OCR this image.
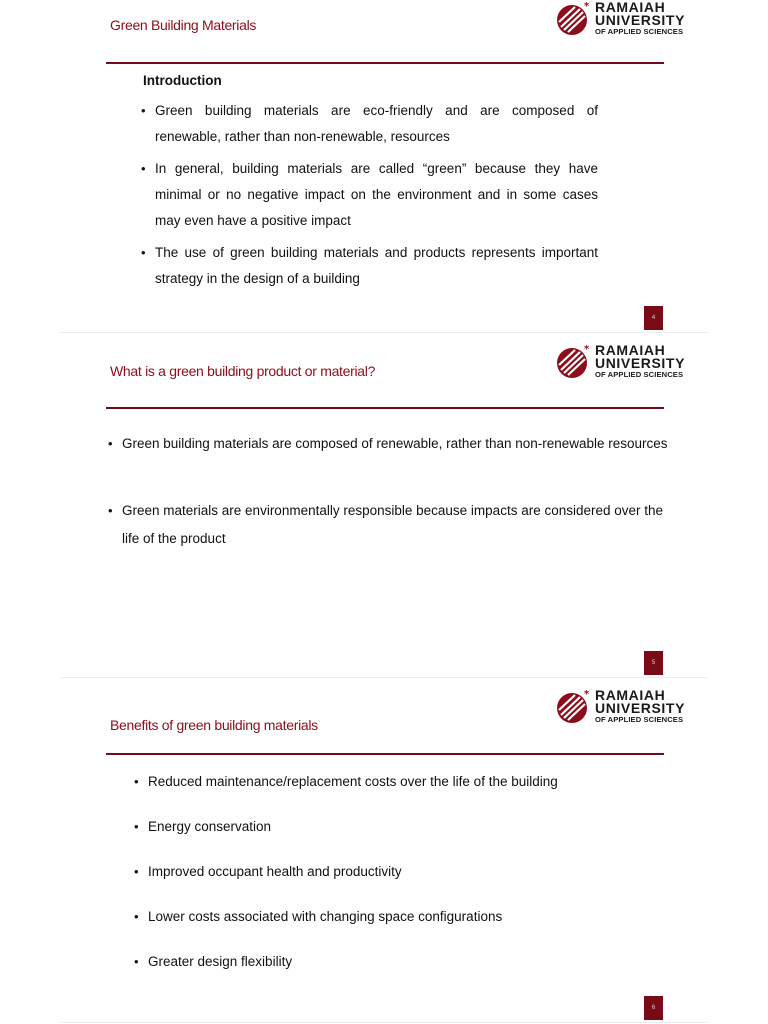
Green Building Materials
* RAMAIAH
UNIVERSITY
OF APPLIED SCIENCES
Introduction
• Green building materials are eco-friendly and are composed of renewable, rather than non-renewable, resources
• In general, building materials are called “green” because they have minimal or no negative impact on the environment and in some cases may even have a positive impact
• The use of green building materials and products represents important strategy in the design of a building
4
What is a green building product or material?
* RAMAIAH
UNIVERSITY
OF APPLIED SCIENCES
• Green building materials are composed of renewable, rather than non-renewable resources
• Green materials are environmentally responsible because impacts are considered over the life of the product
5
Benefits of green building materials
* RAMAIAH
UNIVERSITY
OF APPLIED SCIENCES
• Reduced maintenance/replacement costs over the life of the building
• Energy conservation
• Improved occupant health and productivity
• Lower costs associated with changing space configurations
• Greater design flexibility
6
